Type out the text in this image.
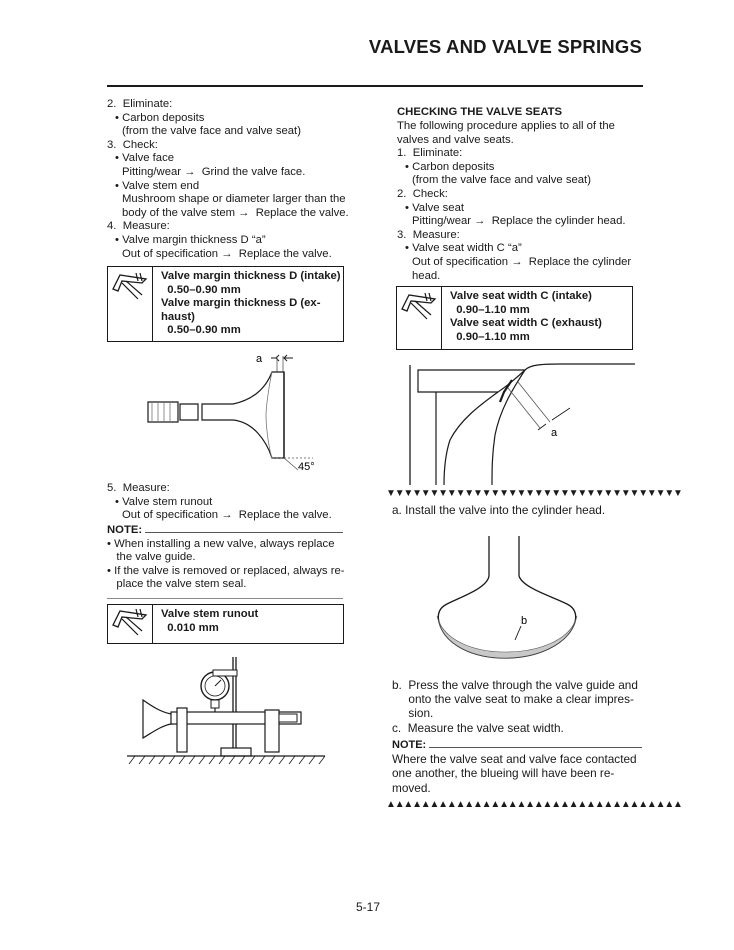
VALVES AND VALVE SPRINGS
2.  Eliminate:
• Carbon deposits
(from the valve face and valve seat)
3.  Check:
• Valve face
Pitting/wear →  Grind the valve face.
• Valve stem end
Mushroom shape or diameter larger than the
body of the valve stem →  Replace the valve.
4.  Measure:
• Valve margin thickness D “a”
Out of specification →  Replace the valve.
Valve margin thickness D (intake)
0.50–0.90 mm
Valve margin thickness D (ex-
haust)
0.50–0.90 mm
a
45°
5.  Measure:
• Valve stem runout
Out of specification →  Replace the valve.
NOTE:
• When installing a new valve, always replace
the valve guide.
• If the valve is removed or replaced, always re-
place the valve stem seal.
Valve stem runout
0.010 mm
CHECKING THE VALVE SEATS
The following procedure applies to all of the
valves and valve seats.
1.  Eliminate:
• Carbon deposits
(from the valve face and valve seat)
2.  Check:
• Valve seat
Pitting/wear →  Replace the cylinder head.
3.  Measure:
• Valve seat width C “a”
Out of specification →  Replace the cylinder
head.
Valve seat width C (intake)
0.90–1.10 mm
Valve seat width C (exhaust)
0.90–1.10 mm
a
▼▼▼▼▼▼▼▼▼▼▼▼▼▼▼▼▼▼▼▼▼▼▼▼▼▼▼▼▼▼▼▼▼▼
a. Install the valve into the cylinder head.
b
b.  Press the valve through the valve guide and
onto the valve seat to make a clear impres-
sion.
c.  Measure the valve seat width.
NOTE:
Where the valve seat and valve face contacted
one another, the blueing will have been re-
moved.
▲▲▲▲▲▲▲▲▲▲▲▲▲▲▲▲▲▲▲▲▲▲▲▲▲▲▲▲▲▲▲▲▲▲
5-17
